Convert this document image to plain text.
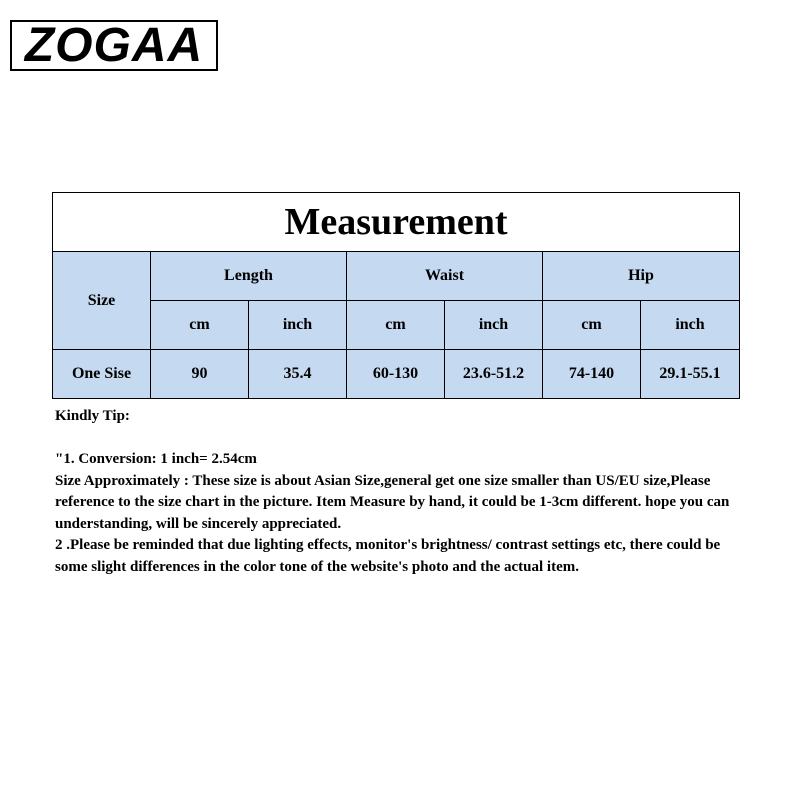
ZOGAA
Measurement						
Size	Length		Waist		Hip	
	cm	inch	cm	inch	cm	inch
One Sise	90	35.4	60-130	23.6-51.2	74-140	29.1-55.1

Kindly Tip:

"1. Conversion: 1 inch= 2.54cm

Size Approximately : These size is about Asian Size,general get one size smaller than US/EU size,Please reference to the size chart in the picture. Item Measure by hand, it could be 1-3cm different. hope you can understanding, will be sincerely appreciated.

2 .Please be reminded that due lighting effects, monitor's brightness/ contrast settings etc, there could be some slight differences in the color tone of the website's photo and the actual item.
